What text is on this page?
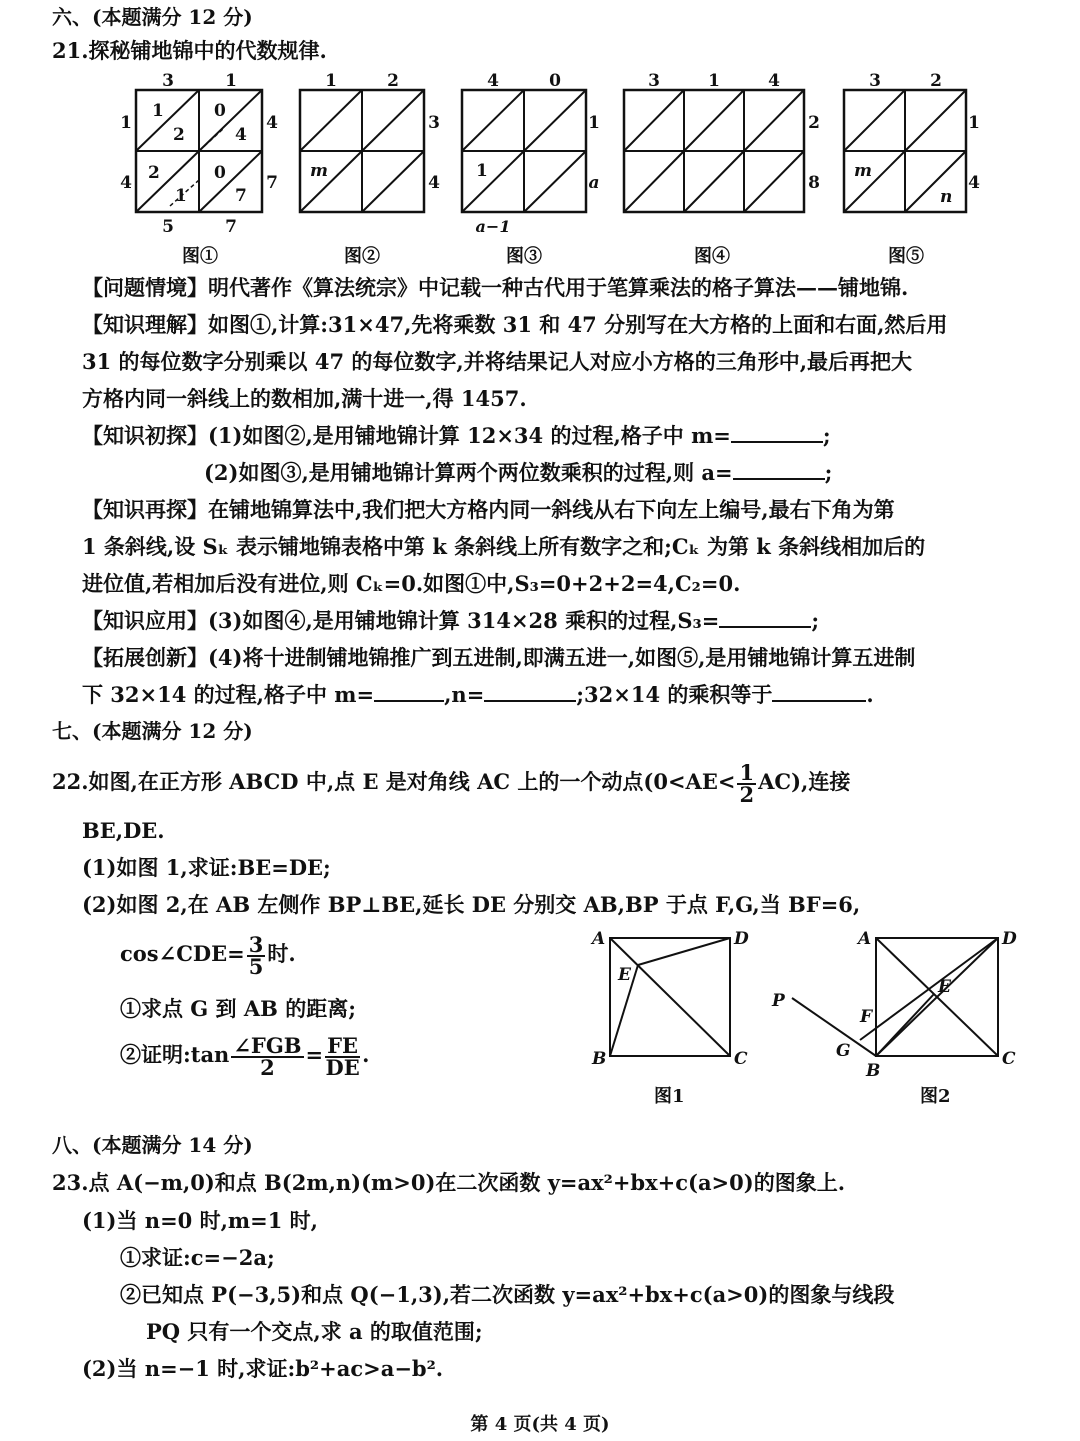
六、(本题满分 12 分)
21.探秘铺地锦中的代数规律.
3	1
1
4
4
7
5	7
1
2
0
4
2
1
0
7
图①
1	2
3
4
m
图②
4	0
1
a
1
a−1
图③
3	1	4
2
8
图④
3	2
1
4
m
n
图⑤
【问题情境】明代著作《算法统宗》中记载一种古代用于笔算乘法的格子算法——铺地锦.
【知识理解】如图①,计算:31×47,先将乘数 31 和 47 分别写在大方格的上面和右面,然后用
31 的每位数字分别乘以 47 的每位数字,并将结果记人对应小方格的三角形中,最后再把大
方格内同一斜线上的数相加,满十进一,得 1457.
【知识初探】(1)如图②,是用铺地锦计算 12×34 的过程,格子中 m=	;
(2)如图③,是用铺地锦计算两个两位数乘积的过程,则 a=	;
【知识再探】在铺地锦算法中,我们把大方格内同一斜线从右下向左上编号,最右下角为第
1 条斜线,设 Sₖ 表示铺地锦表格中第 k 条斜线上所有数字之和;Cₖ 为第 k 条斜线相加后的
进位值,若相加后没有进位,则 Cₖ=0.如图①中,S₃=0+2+2=4,C₂=0.
【知识应用】(3)如图④,是用铺地锦计算 314×28 乘积的过程,S₃=	;
【拓展创新】(4)将十进制铺地锦推广到五进制,即满五进一,如图⑤,是用铺地锦计算五进制
下 32×14 的过程,格子中 m=	,n=	;32×14 的乘积等于	.
七、(本题满分 12 分)
22.如图,在正方形 ABCD 中,点 E 是对角线 AC 上的一个动点$(0<AE< \frac{1}{2} AC)$,连接
BE,DE.
(1)如图 1,求证:BE=DE;
(2)如图 2,在 AB 左侧作 BP⊥BE,延长 DE 分别交 AB,BP 于点 F,G,当 BF=6,
cos∠CDE= $\frac{3}{5}$ 时.
①求点 G 到 AB 的距离;
②证明:tan $\frac{\text{∠FGB}}{2} = \frac{FE}{DE}$ .
A	D
E
B	C
图1
A	D
E
F
P
G
B
C
图2
八、(本题满分 14 分)
23.点 A(−m,0)和点 B(2m,n)(m>0)在二次函数 y=ax²+bx+c(a>0)的图象上.
(1)当 n=0 时,m=1 时,
①求证:c=−2a;
②已知点 P(−3,5)和点 Q(−1,3),若二次函数 y=ax²+bx+c(a>0)的图象与线段
PQ 只有一个交点,求 a 的取值范围;
(2)当 n=−1 时,求证:b²+ac>a−b².
第 4 页(共 4 页)
